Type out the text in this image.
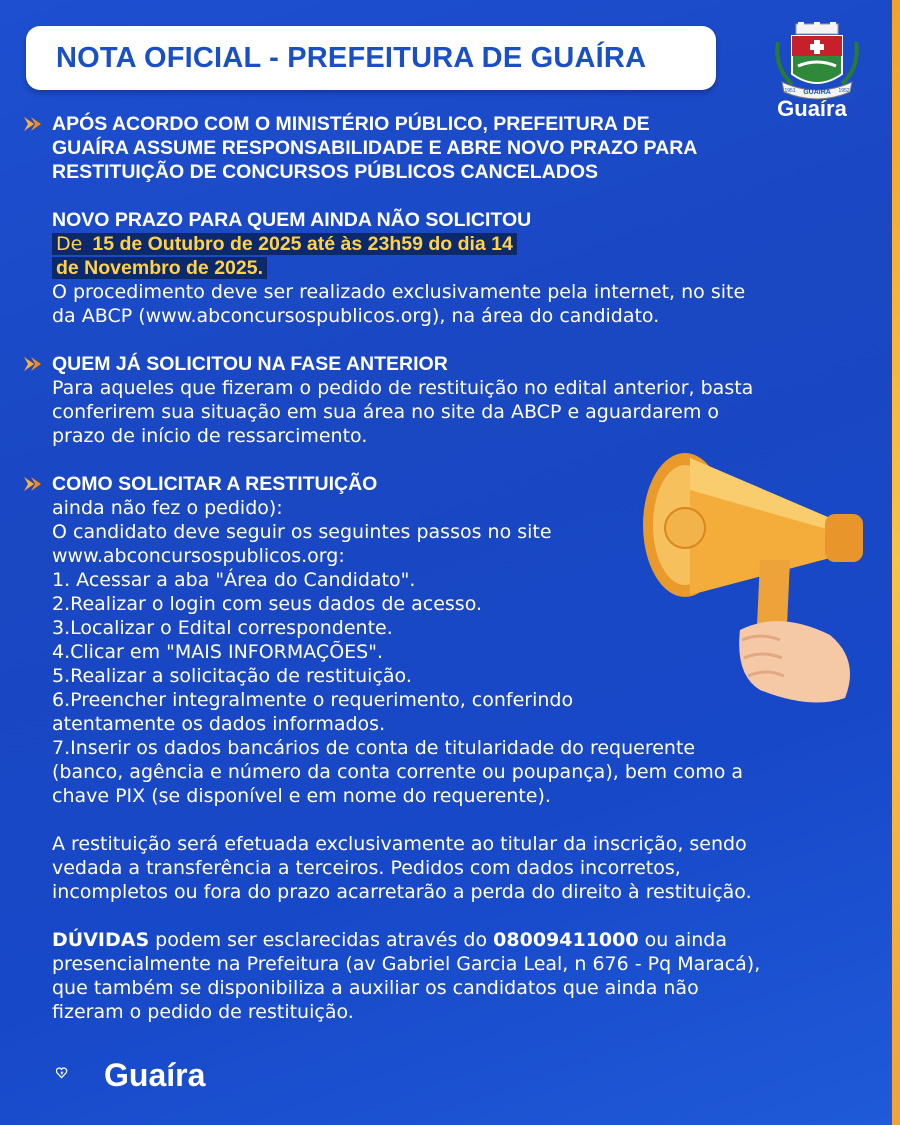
NOTA OFICIAL - PREFEITURA DE GUAÍRA
GUAIRA
1951	1952
Guaíra
APÓS ACORDO COM O MINISTÉRIO PÚBLICO, PREFEITURA DE
GUAÍRA ASSUME RESPONSABILIDADE E ABRE NOVO PRAZO PARA
RESTITUIÇÃO DE CONCURSOS PÚBLICOS CANCELADOS
NOVO PRAZO PARA QUEM AINDA NÃO SOLICITOU
De 15 de Outubro de 2025 até às 23h59 do dia 14
de Novembro de 2025.
O procedimento deve ser realizado exclusivamente pela internet, no site
da ABCP (www.abconcursospublicos.org), na área do candidato.
QUEM JÁ SOLICITOU NA FASE ANTERIOR
Para aqueles que fizeram o pedido de restituição no edital anterior, basta
conferirem sua situação em sua área no site da ABCP e aguardarem o
prazo de início de ressarcimento.
COMO SOLICITAR A RESTITUIÇÃO
ainda não fez o pedido):
O candidato deve seguir os seguintes passos no site
www.abconcursospublicos.org:
1. Acessar a aba "Área do Candidato".
2.Realizar o login com seus dados de acesso.
3.Localizar o Edital correspondente.
4.Clicar em "MAIS INFORMAÇÕES".
5.Realizar a solicitação de restituição.
6.Preencher integralmente o requerimento, conferindo
atentamente os dados informados.
7.Inserir os dados bancários de conta de titularidade do requerente
(banco, agência e número da conta corrente ou poupança), bem como a
chave PIX (se disponível e em nome do requerente).
A restituição será efetuada exclusivamente ao titular da inscrição, sendo
vedada a transferência a terceiros. Pedidos com dados incorretos,
incompletos ou fora do prazo acarretarão a perda do direito à restituição.
DÚVIDAS podem ser esclarecidas através do 08009411000 ou ainda
presencialmente na Prefeitura (av Gabriel Garcia Leal, n 676 - Pq Maracá),
que também se disponibiliza a auxiliar os candidatos que ainda não
fizeram o pedido de restituição.
Guaíra
